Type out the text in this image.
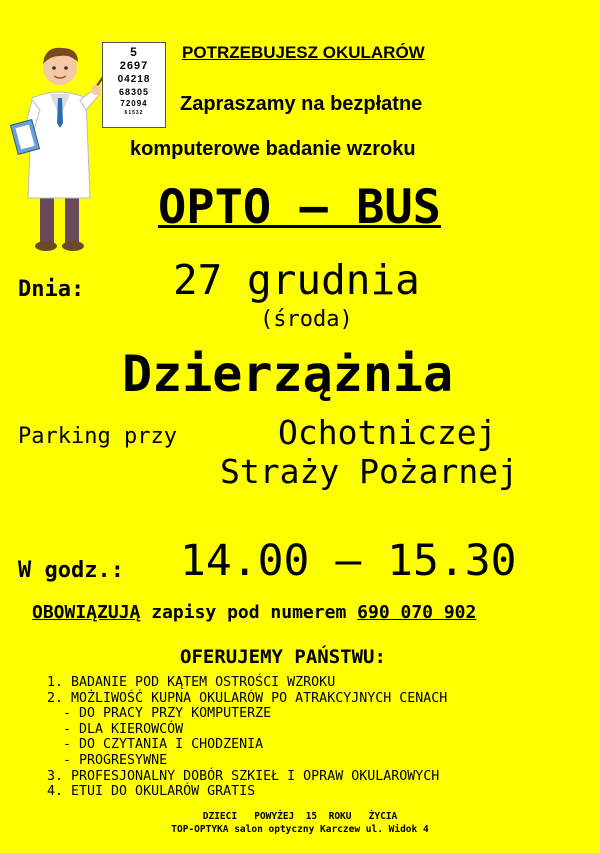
5
2697
04218
68305
72094
61532
POTRZEBUJESZ OKULARÓW
Zapraszamy na bezpłatne
komputerowe badanie wzroku
OPTO – BUS
Dnia: 27 grudnia
(środa)
Dzierzążnia
Parking przy	Ochotniczej
Straży Pożarnej
W godz.: 14.00 – 15.30
OBOWIĄZUJĄ zapisy pod numerem 690 070 902
OFERUJEMY PAŃSTWU:
1. BADANIE POD KĄTEM OSTROŚCI WZROKU
2. MOŻLIWOŚĆ KUPNA OKULARÓW PO ATRAKCYJNYCH CENACH
- DO PRACY PRZY KOMPUTERZE
- DLA KIEROWCÓW
- DO CZYTANIA I CHODZENIA
- PROGRESYWNE
3. PROFESJONALNY DOBÓR SZKIEŁ I OPRAW OKULAROWYCH
4. ETUI DO OKULARÓW GRATIS
DZIECI   POWYŻEJ  15  ROKU   ŻYCIA
TOP-OPTYKA salon optyczny Karczew ul. Widok 4
